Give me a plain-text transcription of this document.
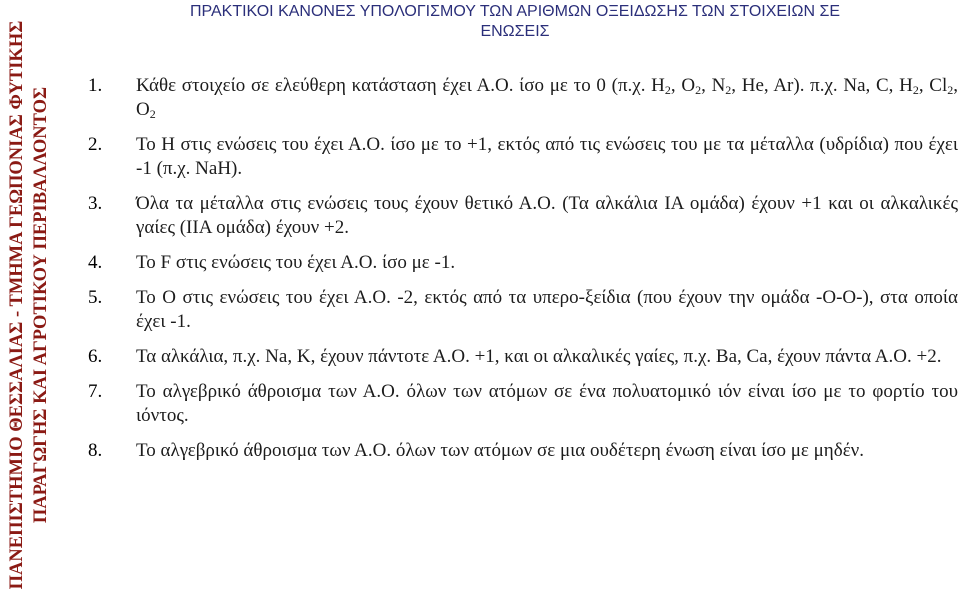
ΠΑΝΕΠΙΣΤΗΜΙΟ ΘΕΣΣΑΛΙΑΣ - ΤΜΗΜΑ ΓΕΩΠΟΝΙΑΣ ΦΥΤΙΚΗΣ ΠΑΡΑΓΩΓΗΣ ΚΑΙ ΑΓΡΟΤΙΚΟΥ ΠΕΡΙΒΑΛΛΟΝΤΟΣ
ΠΡΑΚΤΙΚΟΙ ΚΑΝΟΝΕΣ ΥΠΟΛΟΓΙΣΜΟΥ ΤΩΝ ΑΡΙΘΜΩΝ ΟΞΕΙΔΩΣΗΣ ΤΩΝ ΣΤΟΙΧΕΙΩΝ ΣΕ
ΕΝΩΣΕΙΣ
1.	Κάθε στοιχείο σε ελεύθερη κατάσταση έχει Α.Ο. ίσο με το 0 (π.χ. $H_2$, $O_2$, $N_2$, He, Ar). π.χ. Na, C, $H_2$, $Cl_2$, $O_2$
2.	Το Η στις ενώσεις του έχει Α.Ο. ίσο με το +1, εκτός από τις ενώσεις του με τα μέταλλα (υδρίδια) που έχει -1 (π.χ. NaH).
3.	Όλα τα μέταλλα στις ενώσεις τους έχουν θετικό Α.Ο. (Τα αλκάλια ΙΑ ομάδα) έχουν +1 και οι αλκαλικές γαίες (ΙΙΑ ομάδα) έχουν +2.
4.	Το F στις ενώσεις του έχει Α.Ο. ίσο με -1.
5.	Το Ο στις ενώσεις του έχει Α.Ο. -2, εκτός από τα υπερο-ξείδια (που έχουν την ομάδα -Ο-Ο-), στα οποία έχει -1.
6.	Τα αλκάλια, π.χ. Na, K, έχουν πάντοτε Α.Ο. +1, και οι αλκαλικές γαίες, π.χ. Ba, Ca, έχουν πάντα Α.Ο. +2.
7.	Το αλγεβρικό άθροισμα των Α.Ο. όλων των ατόμων σε ένα πολυατομικό ιόν είναι ίσο με το φορτίο του ιόντος.
8.	Το αλγεβρικό άθροισμα των Α.Ο. όλων των ατόμων σε μια ουδέτερη ένωση είναι ίσο με μηδέν.
